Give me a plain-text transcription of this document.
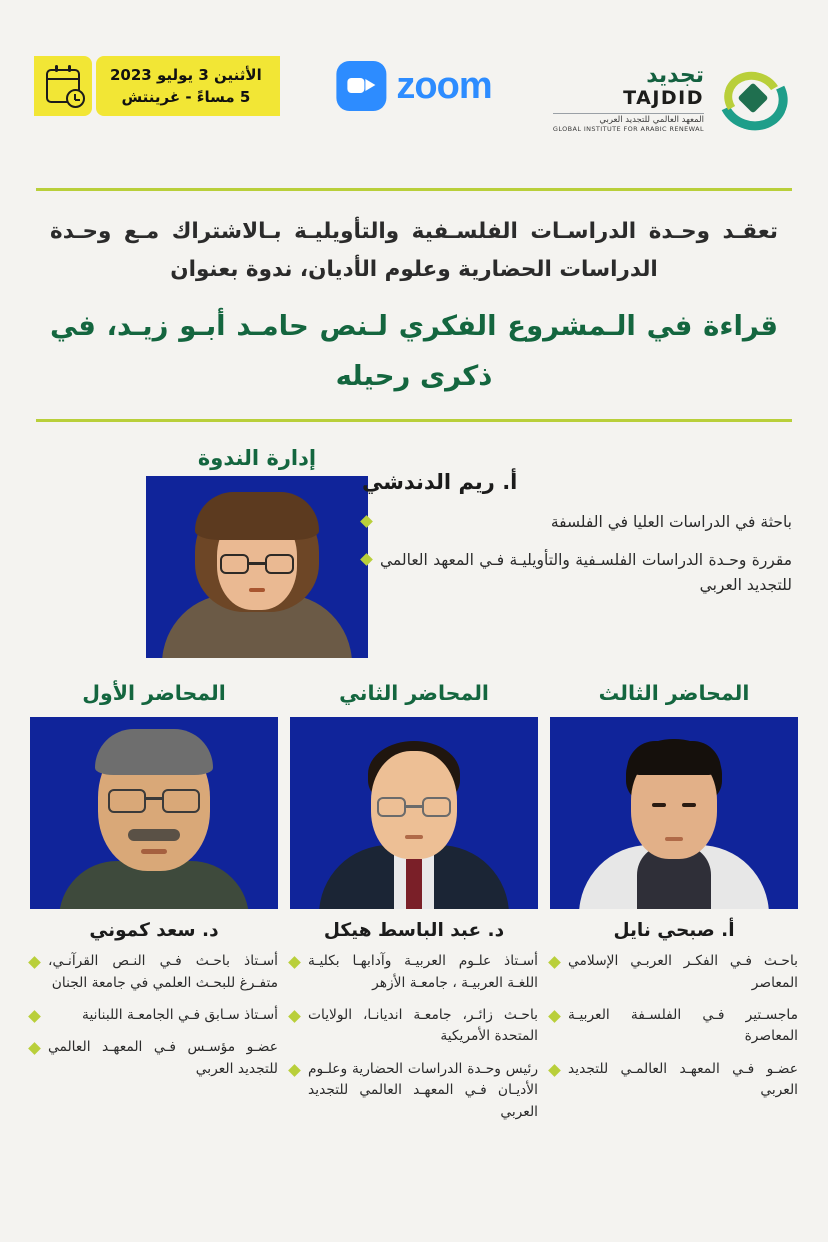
تجديد
TAJDID
المعهد العالمي للتجديد العربي
GLOBAL INSTITUTE FOR ARABIC RENEWAL
zoom
الأثنين 3 يوليو 2023
5 مساءً - غرينتش
تعقـد وحـدة الدراسـات الفلسـفية والتأويليـة بـالاشتراك مـع وحـدة الدراسات الحضارية وعلوم الأديان، ندوة بعنوان
قراءة في الـمشروع الفكري لـنص حامـد أبـو زيـد، في ذكرى رحيله
إدارة الندوة
أ. ريم الدندشي
باحثة في الدراسات العليا في الفلسفة
مقررة وحـدة الدراسات الفلسـفية والتأويليـة فـي المعهد العالمي للتجديد العربي
المحاضر الثالث
أ. صبحي نايل
باحـث فـي الفكـر العربـي الإسلامي المعاصر
ماجسـتير فـي الفلسـفة العربيـة المعاصرة
عضـو فـي المعهـد العالمـي للتجديد العربي
المحاضر الثاني
د. عبد الباسط هيكل
أسـتاذ علـوم العربيـة وآدابهـا بكليـة اللغـة العربيـة ، جامعـة الأزهر
باحـث زائـر، جامعـة اندیانـا، الولايات المتحدة الأمريكية
رئيس وحـدة الدراسات الحضارية وعلـوم الأديـان فـي المعهـد العالمي للتجديد العربي
المحاضر الأول
د. سعد كموني
أسـتاذ باحـث فـي النـص القرآنـي، متفـرغ للبحـث العلمي في جامعة الجنان
أسـتاذ سـابق فـي الجامعـة اللبنانية
عضـو مؤسـس فـي المعهـد العالمي للتجديد العربي
